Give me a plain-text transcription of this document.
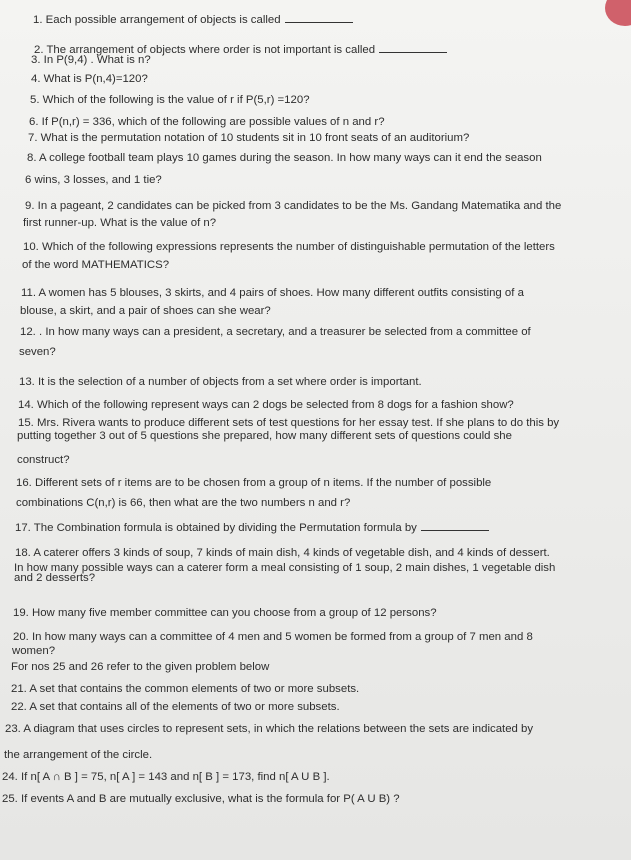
1. Each possible arrangement of objects is called
2. The arrangement of objects where order is not important is called
3. In P(9,4) . What is n?
4. What is P(n,4)=120?
5. Which of the following is the value of r if P(5,r) =120?
6. If P(n,r) = 336, which of the following are possible values of n and r?
7. What is the permutation notation of 10 students sit in 10 front seats of an auditorium?
8. A college football team plays 10 games during the season. In how many ways can it end the season
6 wins, 3 losses, and 1 tie?
9. In a pageant, 2 candidates can be picked from 3 candidates to be the Ms. Gandang Matematika and the
first runner-up. What is the value of n?
10. Which of the following expressions represents the number of distinguishable permutation of the letters
of the word MATHEMATICS?
11. A women has 5 blouses, 3 skirts, and 4 pairs of shoes. How many different outfits consisting of a
blouse, a skirt, and a pair of shoes can she wear?
12. . In how many ways can a president, a secretary, and a treasurer be selected from a committee of
seven?
13. It is the selection of a number of objects from a set where order is important.
14. Which of the following represent ways can 2 dogs be selected from 8 dogs for a fashion show?
15. Mrs. Rivera wants to produce different sets of test questions for her essay test. If she plans to do this by
putting together 3 out of 5 questions she prepared, how many different sets of questions could she
construct?
16. Different sets of r items are to be chosen from a group of n items. If the number of possible
combinations C(n,r) is 66, then what are the two numbers n and r?
17. The Combination formula is obtained by dividing the Permutation formula by
18. A caterer offers 3 kinds of soup, 7 kinds of main dish, 4 kinds of vegetable dish, and 4 kinds of dessert.
In how many possible ways can a caterer form a meal consisting of 1 soup, 2 main dishes, 1 vegetable dish
and 2 desserts?
19. How many five member committee can you choose from a group of 12 persons?
20. In how many ways can a committee of 4 men and 5 women be formed from a group of 7 men and 8
women?
For nos 25 and 26 refer to the given problem below
21. A set that contains the common elements of two or more subsets.
22. A set that contains all of the elements of two or more subsets.
23. A diagram that uses circles to represent sets, in which the relations between the sets are indicated by
the arrangement of the circle.
24. If n[ A ∩ B ] = 75, n[ A ] = 143 and n[ B ] = 173, find n[ A U B ].
25. If events A and B are mutually exclusive, what is the formula for P( A U B) ?
